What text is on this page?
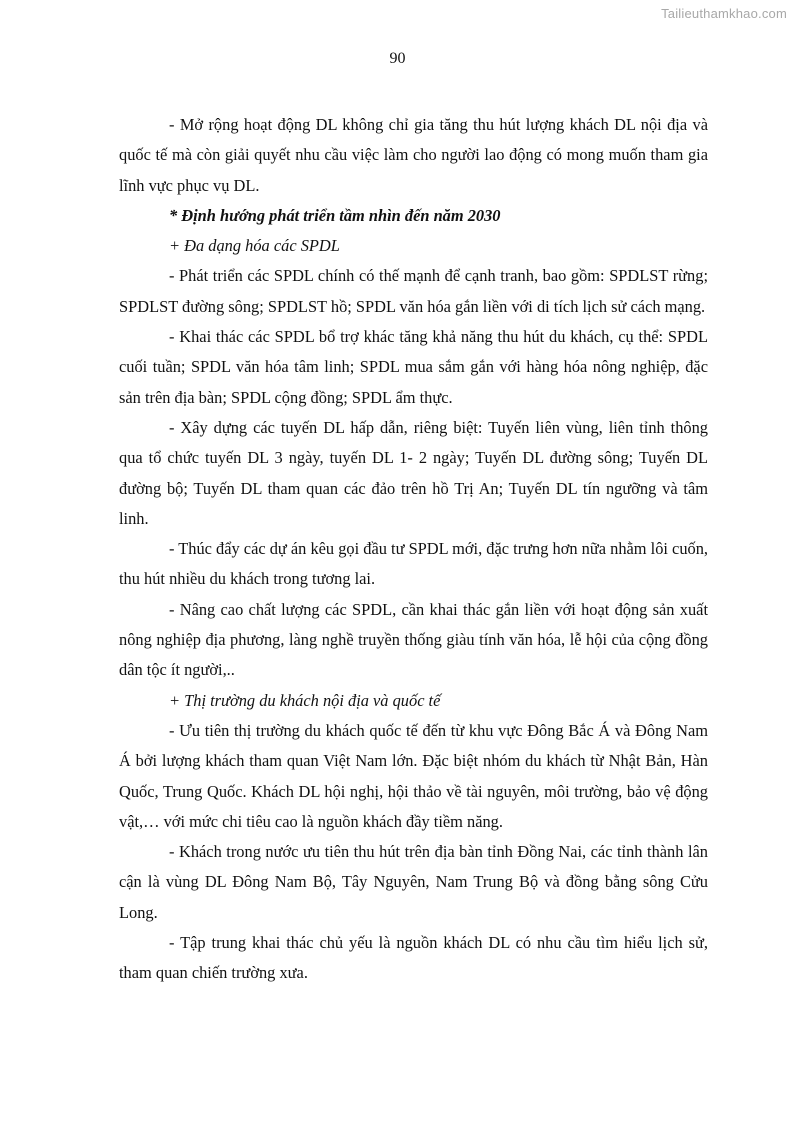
Tailieuthamkhao.com
90

- Mở rộng hoạt động DL không chỉ gia tăng thu hút lượng khách DL nội địa và quốc tế mà còn giải quyết nhu cầu việc làm cho người lao động có mong muốn tham gia lĩnh vực phục vụ DL.

* Định hướng phát triển tầm nhìn đến năm 2030

+ Đa dạng hóa các SPDL

- Phát triển các SPDL chính có thế mạnh để cạnh tranh, bao gồm: SPDLST rừng; SPDLST đường sông; SPDLST hồ; SPDL văn hóa gắn liền với di tích lịch sử cách mạng.

- Khai thác các SPDL bổ trợ khác tăng khả năng thu hút du khách, cụ thể: SPDL cuối tuần; SPDL văn hóa tâm linh; SPDL mua sắm gắn với hàng hóa nông nghiệp, đặc sản trên địa bàn; SPDL cộng đồng; SPDL ẩm thực.

- Xây dựng các tuyến DL hấp dẫn, riêng biệt: Tuyến liên vùng, liên tỉnh thông qua tổ chức tuyến DL 3 ngày, tuyến DL 1- 2 ngày; Tuyến DL đường sông; Tuyến DL đường bộ; Tuyến DL tham quan các đảo trên hồ Trị An; Tuyến DL tín ngưỡng và tâm linh.

- Thúc đẩy các dự án kêu gọi đầu tư SPDL mới, đặc trưng hơn nữa nhằm lôi cuốn, thu hút nhiều du khách trong tương lai.

- Nâng cao chất lượng các SPDL, cần khai thác gắn liền với hoạt động sản xuất nông nghiệp địa phương, làng nghề truyền thống giàu tính văn hóa, lễ hội của cộng đồng dân tộc ít người,..

+ Thị trường du khách nội địa và quốc tế

- Ưu tiên thị trường du khách quốc tế đến từ khu vực Đông Bắc Á và Đông Nam Á bởi lượng khách tham quan Việt Nam lớn. Đặc biệt nhóm du khách từ Nhật Bản, Hàn Quốc, Trung Quốc. Khách DL hội nghị, hội thảo về tài nguyên, môi trường, bảo vệ động vật,… với mức chi tiêu cao là nguồn khách đầy tiềm năng.

- Khách trong nước ưu tiên thu hút trên địa bàn tỉnh Đồng Nai, các tỉnh thành lân cận là vùng DL Đông Nam Bộ, Tây Nguyên, Nam Trung Bộ và đồng bằng sông Cửu Long.

- Tập trung khai thác chủ yếu là nguồn khách DL có nhu cầu tìm hiểu lịch sử, tham quan chiến trường xưa.
